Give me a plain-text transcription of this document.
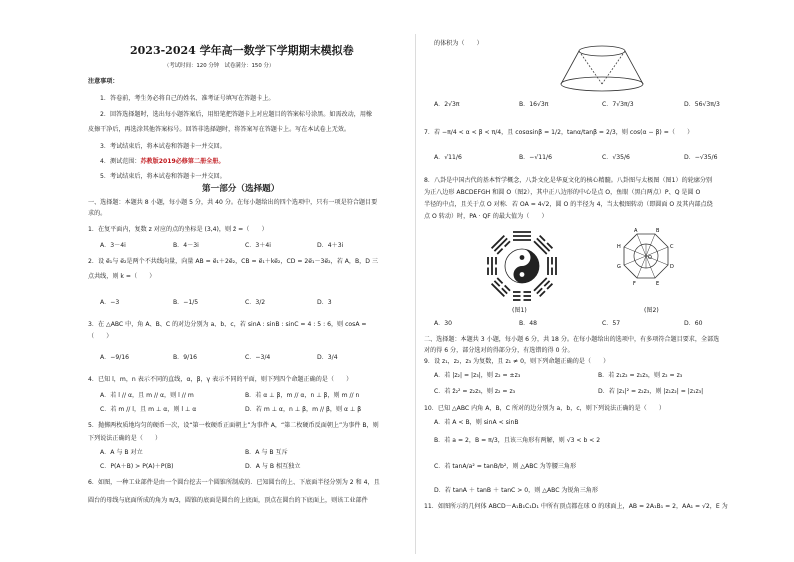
2023-2024 学年高一数学下学期期末模拟卷
（考试时间：120 分钟　试卷满分：150 分）
注意事项：
1．答卷前，考生务必将自己的姓名、准考证号填写在答题卡上。
2．回答选择题时，选出每小题答案后，用铅笔把答题卡上对应题目的答案标号涂黑。如需改动，用橡
皮擦干净后，再选涂其他答案标号。回答非选择题时，将答案写在答题卡上。写在本试卷上无效。
3．考试结束后，将本试卷和答题卡一并交回。
4．测试范围：苏教版2019必修第二册全册。
5．考试结束后，将本试卷和答题卡一并交回。
第一部分（选择题）
一、选择题：本题共 8 小题，每小题 5 分，共 40 分。在每小题给出的四个选项中，只有一项是符合题目要
求的。
1．在复平面内，复数 z 对应的点的坐标是 (3,4)，则 z̄ =（　　）
A．3－4i	B．4－3i	C．3＋4i	D．4＋3i
2．设 e⃗₁与 e⃗₂是两个不共线向量，向量 AB = e⃗₁＋2e⃗₂，CB = e⃗₁＋ke⃗₂，CD = 2e⃗₁－3e⃗₂，若 A，B，D 三
点共线，则 k =（　　）
A．−3	B．−1/5	C．3/2	D．3
3．在 △ABC 中，角 A、B、C 的对边分别为 a、b、c，若 sinA : sinB : sinC = 4 : 5 : 6，则 cosA =
（　　）
A．−9/16	B．9/16	C．−3/4	D．3/4
4．已知 l，m，n 表示不同的直线，α，β，γ 表示不同的平面，则下列四个命题正确的是（　　）
A．若 l // α，且 m // α，则 l // m	B．若 α ⊥ β，m // α，n ⊥ β，则 m // n
C．若 m // l，且 m ⊥ α，则 l ⊥ α	D．若 m ⊥ α，n ⊥ β，m // β，则 α ⊥ β
5．抛掷两枚质地均匀的硬币一次，设“第一枚硬币正面朝上”为事件 A，“第二枚硬币反面朝上”为事件 B，则
下列说法正确的是（　　）
A．A 与 B 对立	B．A 与 B 互斥
C．P(A＋B) > P(A)＋P(B)	D．A 与 B 相互独立
6．如图，一种工业部件是由一个圆台挖去一个圆锥所制成的．已知圆台的上、下底面半径分别为 2 和 4，且
圆台的母线与底面所成的角为 π/3，圆锥的底面是圆台的上底面，顶点在圆台的下底面上，则该工业部件
的体积为（　　）
A．2√3π	B．16√3π	C．7√3π/3	D．56√3π/3
7．若 −π/4 < α < β < π/4，且 cosαsinβ = 1/2，tanα/tanβ = 2/3，则 cos(α − β) =（　　）
A．√11/6	B．−√11/6	C．√35/6	D．−√35/6
8．八卦是中国古代的基本哲学概念，八卦文化是华夏文化的核心精髓。八卦图与太极图（图1）的轮廓分别
为正八边形 ABCDEFGH 和圆 O（图2），其中正八边形的中心是点 O，鱼眼（黑白两点）P、Q 是圆 O
半径的中点，且关于点 O 对称．若 OA = 4√2，圆 O 的半径为 4，当太极图转动（即圆面 O 及其内部点绕
点 O 转动）时，PA · QF 的最大值为（　　）
(图1)
A	B
C
D
E
F
G
H
O
(图2)
A．30	B．48	C．57	D．60
二、选择题：本题共 3 小题，每小题 6 分，共 18 分。在每小题给出的选项中，有多项符合题目要求，全部选
对的得 6 分，部分选对的得部分分，有选错的得 0 分。
9．设 z₁，z₂，z₃ 为复数，且 z₁ ≠ 0，则下列命题正确的是（　　）
A．若 |z₂| = |z₃|，则 z₂ = ±z₃	B．若 z₁z₂ = z₁z₃，则 z₂ = z₃
C．若 z̄₂² = z₂z₃，则 z₂ = z₃	D．若 |z₁|² = z₂z₃，则 |z₁z₂| = |z₁z₃|
10．已知 △ABC 内角 A，B，C 所对的边分别为 a，b，c，则下列说法正确的是（　　）
A．若 A < B，则 sinA < sinB
B．若 a = 2，B = π/3，且该三角形有两解，则 √3 < b < 2
C．若 tanA/a² = tanB/b²，则 △ABC 为等腰三角形
D．若 tanA ＋ tanB ＋ tanC > 0，则 △ABC 为锐角三角形
11．如图所示的几何体 ABCD－A₁B₁C₁D₁ 中所有顶点都在球 O 的球面上，AB = 2A₁B₁ = 2，AA₁ = √2，E 为
